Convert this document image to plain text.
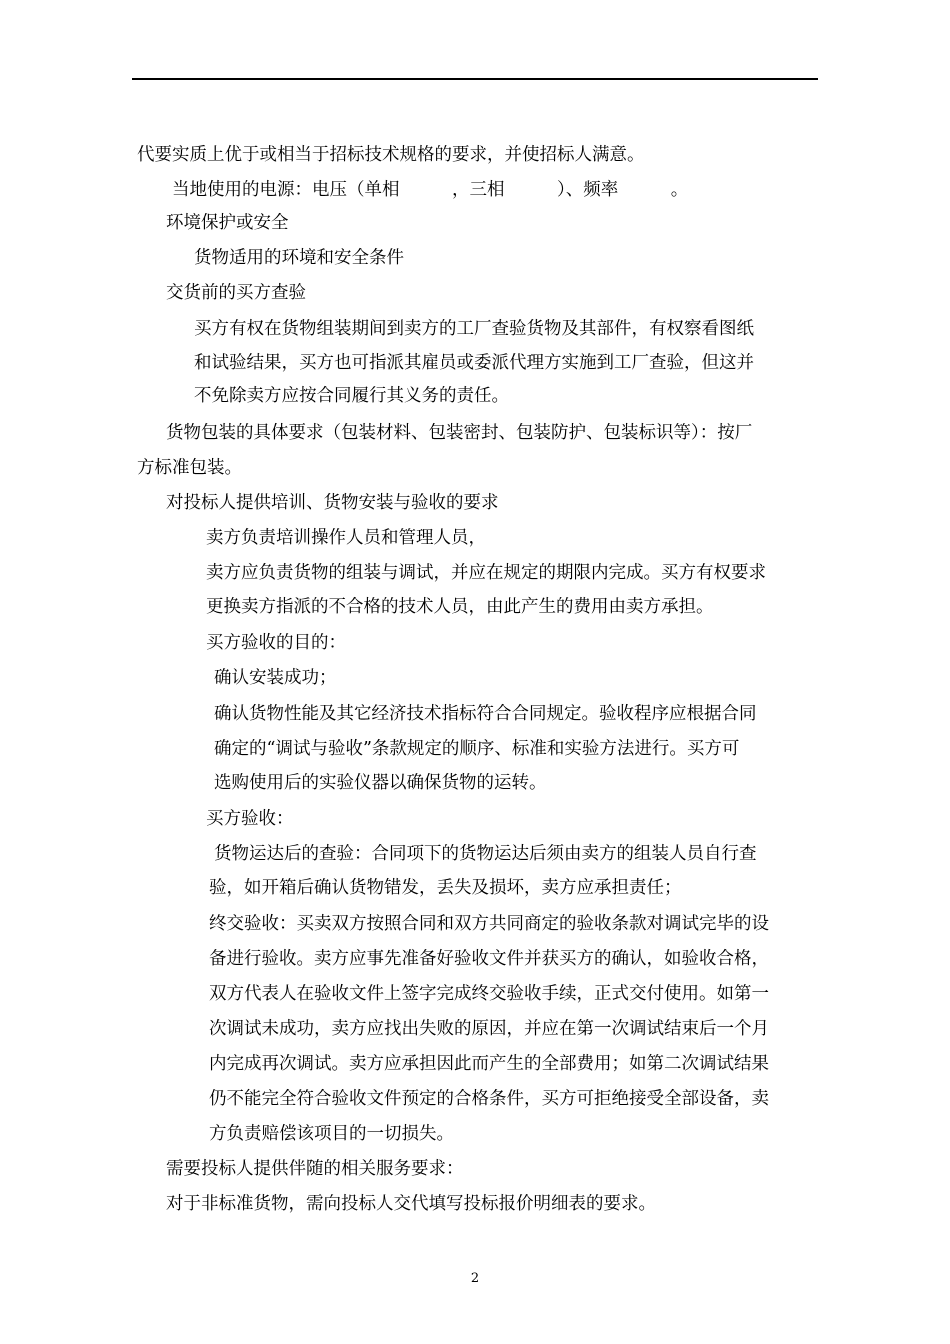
代要实质上优于或相当于招标技术规格的要求，并使招标人满意。
当地使用的电源：电压（单相　　　，三相　　　）、频率　　　。
环境保护或安全
货物适用的环境和安全条件
交货前的买方查验
买方有权在货物组装期间到卖方的工厂查验货物及其部件，有权察看图纸
和试验结果，买方也可指派其雇员或委派代理方实施到工厂查验，但这并
不免除卖方应按合同履行其义务的责任。
货物包装的具体要求（包装材料、包装密封、包装防护、包装标识等）：按厂
方标准包装。
对投标人提供培训、货物安装与验收的要求
卖方负责培训操作人员和管理人员，
卖方应负责货物的组装与调试，并应在规定的期限内完成。买方有权要求
更换卖方指派的不合格的技术人员，由此产生的费用由卖方承担。
买方验收的目的：
确认安装成功；
确认货物性能及其它经济技术指标符合合同规定。验收程序应根据合同
确定的“调试与验收”条款规定的顺序、标准和实验方法进行。买方可
选购使用后的实验仪器以确保货物的运转。
买方验收：
货物运达后的查验：合同项下的货物运达后须由卖方的组装人员自行查
验，如开箱后确认货物错发，丢失及损坏，卖方应承担责任；
终交验收：买卖双方按照合同和双方共同商定的验收条款对调试完毕的设
备进行验收。卖方应事先准备好验收文件并获买方的确认，如验收合格，
双方代表人在验收文件上签字完成终交验收手续，正式交付使用。如第一
次调试未成功，卖方应找出失败的原因，并应在第一次调试结束后一个月
内完成再次调试。卖方应承担因此而产生的全部费用；如第二次调试结果
仍不能完全符合验收文件预定的合格条件，买方可拒绝接受全部设备，卖
方负责赔偿该项目的一切损失。
需要投标人提供伴随的相关服务要求：
对于非标准货物，需向投标人交代填写投标报价明细表的要求。
2
